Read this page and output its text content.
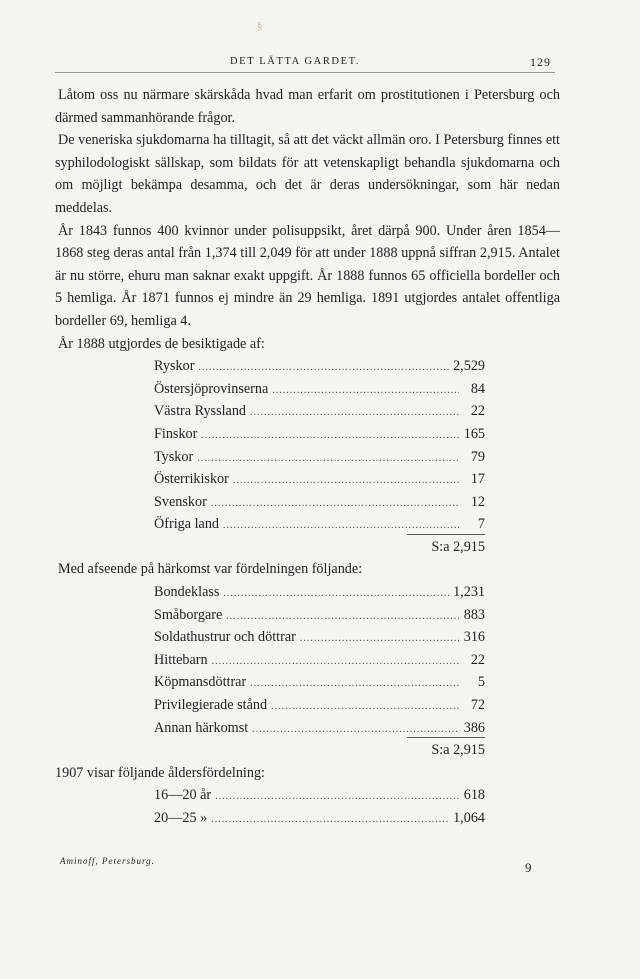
§
DET LÄTTA GARDET.	129

Låtom oss nu närmare skärskåda hvad man erfarit om prostitutionen i Petersburg och därmed sammanhörande frågor.

De veneriska sjukdomarna ha tilltagit, så att det väckt allmän oro. I Petersburg finnes ett syphilodologiskt sällskap, som bildats för att vetenskapligt behandla sjukdomarna och om möjligt bekämpa desamma, och det är deras undersökningar, som här nedan meddelas.

År 1843 funnos 400 kvinnor under polisuppsikt, året därpå 900. Under åren 1854—1868 steg deras antal från 1,374 till 2,049 för att under 1888 uppnå siffran 2,915. Antalet är nu större, ehuru man saknar exakt uppgift. År 1888 funnos 65 officiella bordeller och 5 hemliga. År 1871 funnos ej mindre än 29 hemliga. 1891 utgjordes antalet offentliga bordeller 69, hemliga 4.

År 1888 utgjordes de besiktigade af:

Ryskor .....	2,529
Östersjöprovinserna .....	84
Västra Ryssland .....	22
Finskor .....	165
Tyskor .....	79
Österrikiskor .....	17
Svenskor .....	12
Öfriga land .....	7
S:a 2,915

Med afseende på härkomst var fördelningen följande:

Bondeklass .....	1,231
Småborgare .....	883
Soldathustrur och döttrar .....	316
Hittebarn .....	22
Köpmansdöttrar .....	5
Privilegierade stånd .....	72
Annan härkomst .....	386
S:a 2,915

1907 visar följande åldersfördelning:

16—20 år .....	618
20—25 » .....	1,064
Aminoff, Petersburg.	9
